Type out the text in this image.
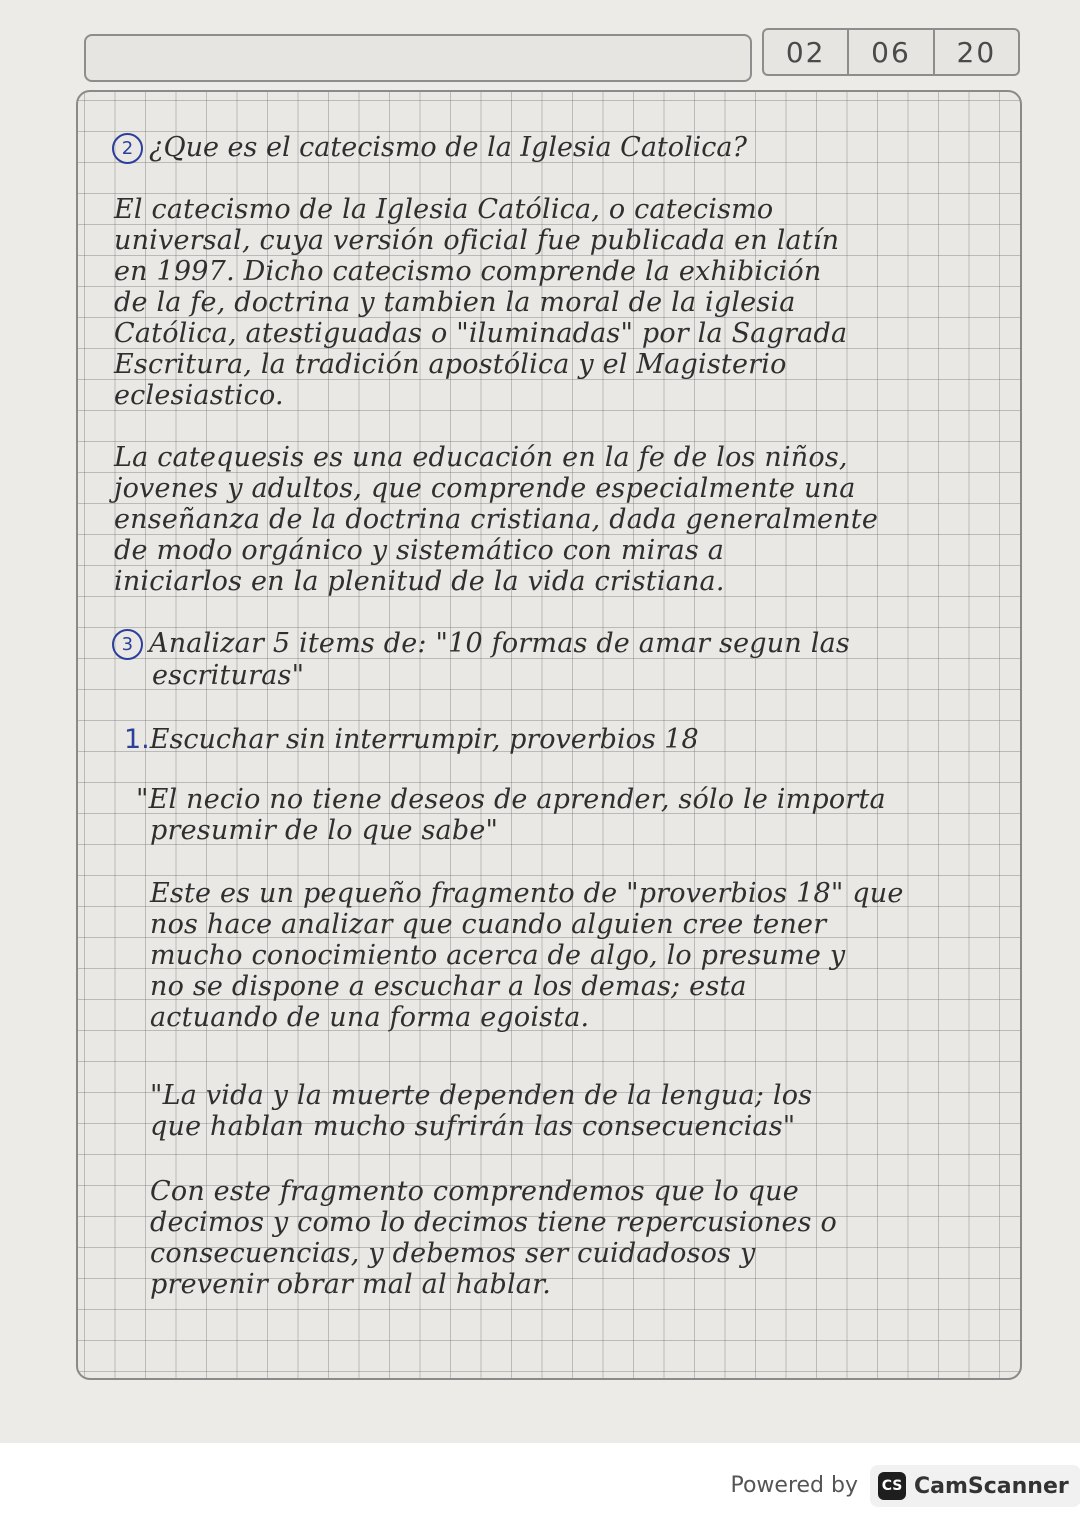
02	06	20
2 ¿Que es el catecismo de la Iglesia Catolica?
El catecismo de la Iglesia Católica, o catecismo
universal, cuya versión oficial fue publicada en latín
en 1997. Dicho catecismo comprende la exhibición
de la fe, doctrina y tambien la moral de la iglesia
Católica, atestiguadas o "iluminadas" por la Sagrada
Escritura, la tradición apostólica y el Magisterio
eclesiastico.
La catequesis es una educación en la fe de los niños,
jovenes y adultos, que comprende especialmente una
enseñanza de la doctrina cristiana, dada generalmente
de modo orgánico y sistemático con miras a
iniciarlos en la plenitud de la vida cristiana.
3 Analizar 5 items de: "10 formas de amar segun las
escrituras"
1.Escuchar sin interrumpir, proverbios 18
"El necio no tiene deseos de aprender, sólo le importa
presumir de lo que sabe"
Este es un pequeño fragmento de "proverbios 18" que
nos hace analizar que cuando alguien cree tener
mucho conocimiento acerca de algo, lo presume y
no se dispone a escuchar a los demas; esta
actuando de una forma egoista.
"La vida y la muerte dependen de la lengua; los
que hablan mucho sufrirán las consecuencias"
Con este fragmento comprendemos que lo que
decimos y como lo decimos tiene repercusiones o
consecuencias, y debemos ser cuidadosos y
prevenir obrar mal al hablar.
Powered by CS CamScanner
